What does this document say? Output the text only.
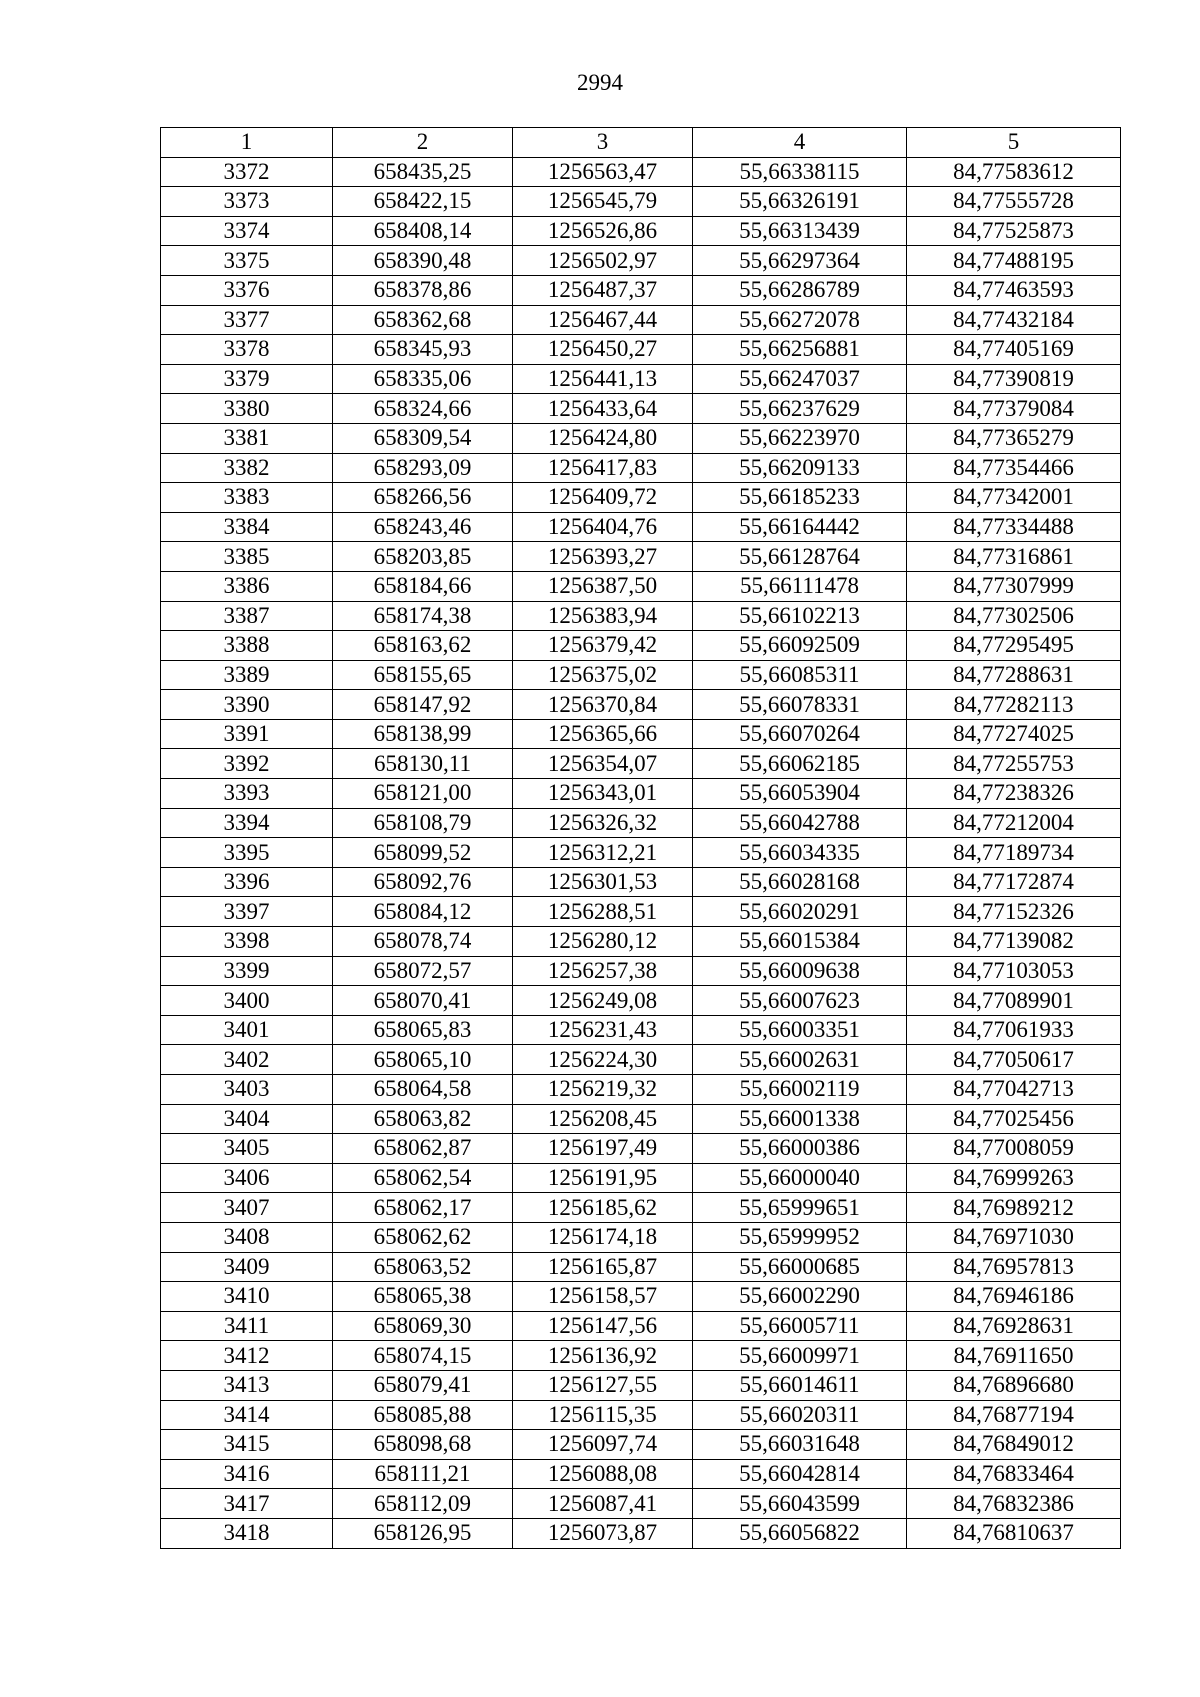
2994
1	2	3	4	5
3372	658435,25	1256563,47	55,66338115	84,77583612
3373	658422,15	1256545,79	55,66326191	84,77555728
3374	658408,14	1256526,86	55,66313439	84,77525873
3375	658390,48	1256502,97	55,66297364	84,77488195
3376	658378,86	1256487,37	55,66286789	84,77463593
3377	658362,68	1256467,44	55,66272078	84,77432184
3378	658345,93	1256450,27	55,66256881	84,77405169
3379	658335,06	1256441,13	55,66247037	84,77390819
3380	658324,66	1256433,64	55,66237629	84,77379084
3381	658309,54	1256424,80	55,66223970	84,77365279
3382	658293,09	1256417,83	55,66209133	84,77354466
3383	658266,56	1256409,72	55,66185233	84,77342001
3384	658243,46	1256404,76	55,66164442	84,77334488
3385	658203,85	1256393,27	55,66128764	84,77316861
3386	658184,66	1256387,50	55,66111478	84,77307999
3387	658174,38	1256383,94	55,66102213	84,77302506
3388	658163,62	1256379,42	55,66092509	84,77295495
3389	658155,65	1256375,02	55,66085311	84,77288631
3390	658147,92	1256370,84	55,66078331	84,77282113
3391	658138,99	1256365,66	55,66070264	84,77274025
3392	658130,11	1256354,07	55,66062185	84,77255753
3393	658121,00	1256343,01	55,66053904	84,77238326
3394	658108,79	1256326,32	55,66042788	84,77212004
3395	658099,52	1256312,21	55,66034335	84,77189734
3396	658092,76	1256301,53	55,66028168	84,77172874
3397	658084,12	1256288,51	55,66020291	84,77152326
3398	658078,74	1256280,12	55,66015384	84,77139082
3399	658072,57	1256257,38	55,66009638	84,77103053
3400	658070,41	1256249,08	55,66007623	84,77089901
3401	658065,83	1256231,43	55,66003351	84,77061933
3402	658065,10	1256224,30	55,66002631	84,77050617
3403	658064,58	1256219,32	55,66002119	84,77042713
3404	658063,82	1256208,45	55,66001338	84,77025456
3405	658062,87	1256197,49	55,66000386	84,77008059
3406	658062,54	1256191,95	55,66000040	84,76999263
3407	658062,17	1256185,62	55,65999651	84,76989212
3408	658062,62	1256174,18	55,65999952	84,76971030
3409	658063,52	1256165,87	55,66000685	84,76957813
3410	658065,38	1256158,57	55,66002290	84,76946186
3411	658069,30	1256147,56	55,66005711	84,76928631
3412	658074,15	1256136,92	55,66009971	84,76911650
3413	658079,41	1256127,55	55,66014611	84,76896680
3414	658085,88	1256115,35	55,66020311	84,76877194
3415	658098,68	1256097,74	55,66031648	84,76849012
3416	658111,21	1256088,08	55,66042814	84,76833464
3417	658112,09	1256087,41	55,66043599	84,76832386
3418	658126,95	1256073,87	55,66056822	84,76810637
